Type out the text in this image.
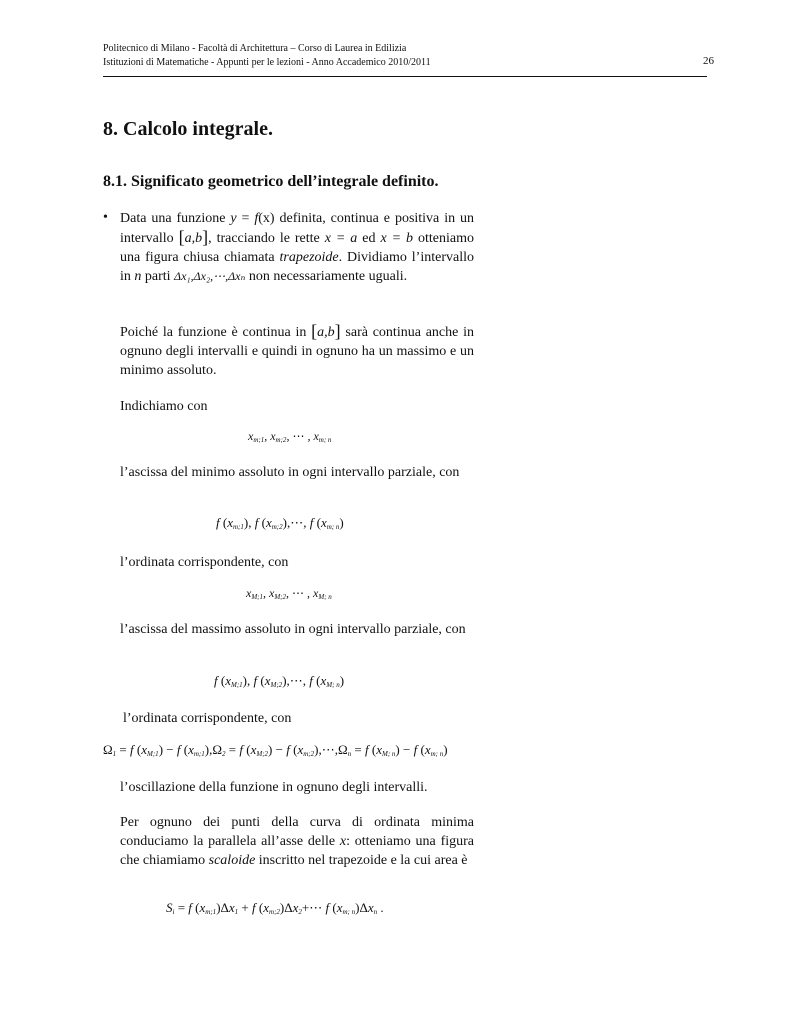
Politecnico di Milano - Facoltà di Architettura – Corso di Laurea in Edilizia
Istituzioni di Matematiche - Appunti per le lezioni - Anno Accademico 2010/2011	26
8. Calcolo integrale.
8.1. Significato geometrico dell’integrale definito.
• Data una funzione y = f(x) definita, continua e positiva in un intervallo [a,b], tracciando le rette x = a ed x = b otteniamo una figura chiusa chiamata trapezoide. Dividiamo l’intervallo in n parti Δx₁,Δx₂,⋯,Δxₙ non necessariamente uguali.

Poiché la funzione è continua in [a,b] sarà continua anche in ognuno degli intervalli e quindi in ognuno ha un massimo e un minimo assoluto.

Indichiamo con

$x_{m;1}$, $x_{m;2}$, ⋯ , $x_{m; n}$

l’ascissa del minimo assoluto in ogni intervallo parziale, con

f $(x_{m;1})$, f $(x_{m;2}),\cdots$, f $(x_{m; n})$

l’ordinata corrispondente, con

$x_{M;1}$, $x_{M;2}$, ⋯ , $x_{M; n}$

l’ascissa del massimo assoluto in ogni intervallo parziale, con

f $(x_{M;1})$, f $(x_{M;2}),\cdots$, f $(x_{M; n})$

l’ordinata corrispondente, con

$\Omega_1 = f$ $(x_{M;1}) - f$ $(x_{m;1}),\Omega_2 = f$ $(x_{M;2}) - f$ $(x_{m;2}),\cdots,\Omega_n = f$ $(x_{M; n}) - f$ $(x_{m; n})$

l’oscillazione della funzione in ognuno degli intervalli.

Per ognuno dei punti della curva di ordinata minima conduciamo la parallela all’asse delle x: otteniamo una figura che chiamiamo scaloide inscritto nel trapezoide e la cui area è

$S_i = f$ $(x_{m;1})\Delta x_1 + f$ $(x_{m;2})\Delta x_2+\cdots$ f $(x_{m; n})\Delta x_n$ .
